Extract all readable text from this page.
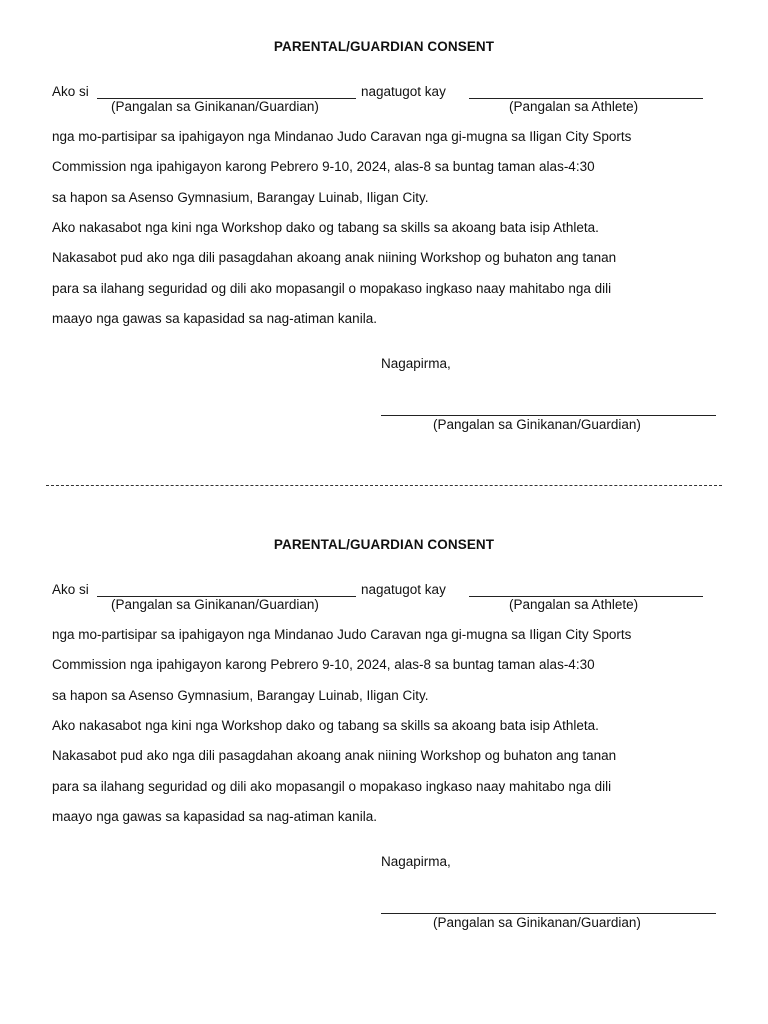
PARENTAL/GUARDIAN CONSENT
Ako si	nagatugot kay
(Pangalan sa Ginikanan/Guardian)	(Pangalan sa Athlete)
nga mo-partisipar sa ipahigayon nga Mindanao Judo Caravan nga gi-mugna sa Iligan City Sports
Commission nga ipahigayon karong Pebrero 9-10, 2024, alas-8 sa buntag taman alas-4:30
sa hapon sa Asenso Gymnasium, Barangay Luinab, Iligan City.
Ako nakasabot nga kini nga Workshop dako og tabang sa skills sa akoang bata isip Athleta.
Nakasabot pud ako nga dili pasagdahan akoang anak niining Workshop og buhaton ang tanan
para sa ilahang seguridad og dili ako mopasangil o mopakaso ingkaso naay mahitabo nga dili
maayo nga gawas sa kapasidad sa nag-atiman kanila.
Nagapirma,
(Pangalan sa Ginikanan/Guardian)
PARENTAL/GUARDIAN CONSENT
Ako si	nagatugot kay
(Pangalan sa Ginikanan/Guardian)	(Pangalan sa Athlete)
nga mo-partisipar sa ipahigayon nga Mindanao Judo Caravan nga gi-mugna sa Iligan City Sports
Commission nga ipahigayon karong Pebrero 9-10, 2024, alas-8 sa buntag taman alas-4:30
sa hapon sa Asenso Gymnasium, Barangay Luinab, Iligan City.
Ako nakasabot nga kini nga Workshop dako og tabang sa skills sa akoang bata isip Athleta.
Nakasabot pud ako nga dili pasagdahan akoang anak niining Workshop og buhaton ang tanan
para sa ilahang seguridad og dili ako mopasangil o mopakaso ingkaso naay mahitabo nga dili
maayo nga gawas sa kapasidad sa nag-atiman kanila.
Nagapirma,
(Pangalan sa Ginikanan/Guardian)
